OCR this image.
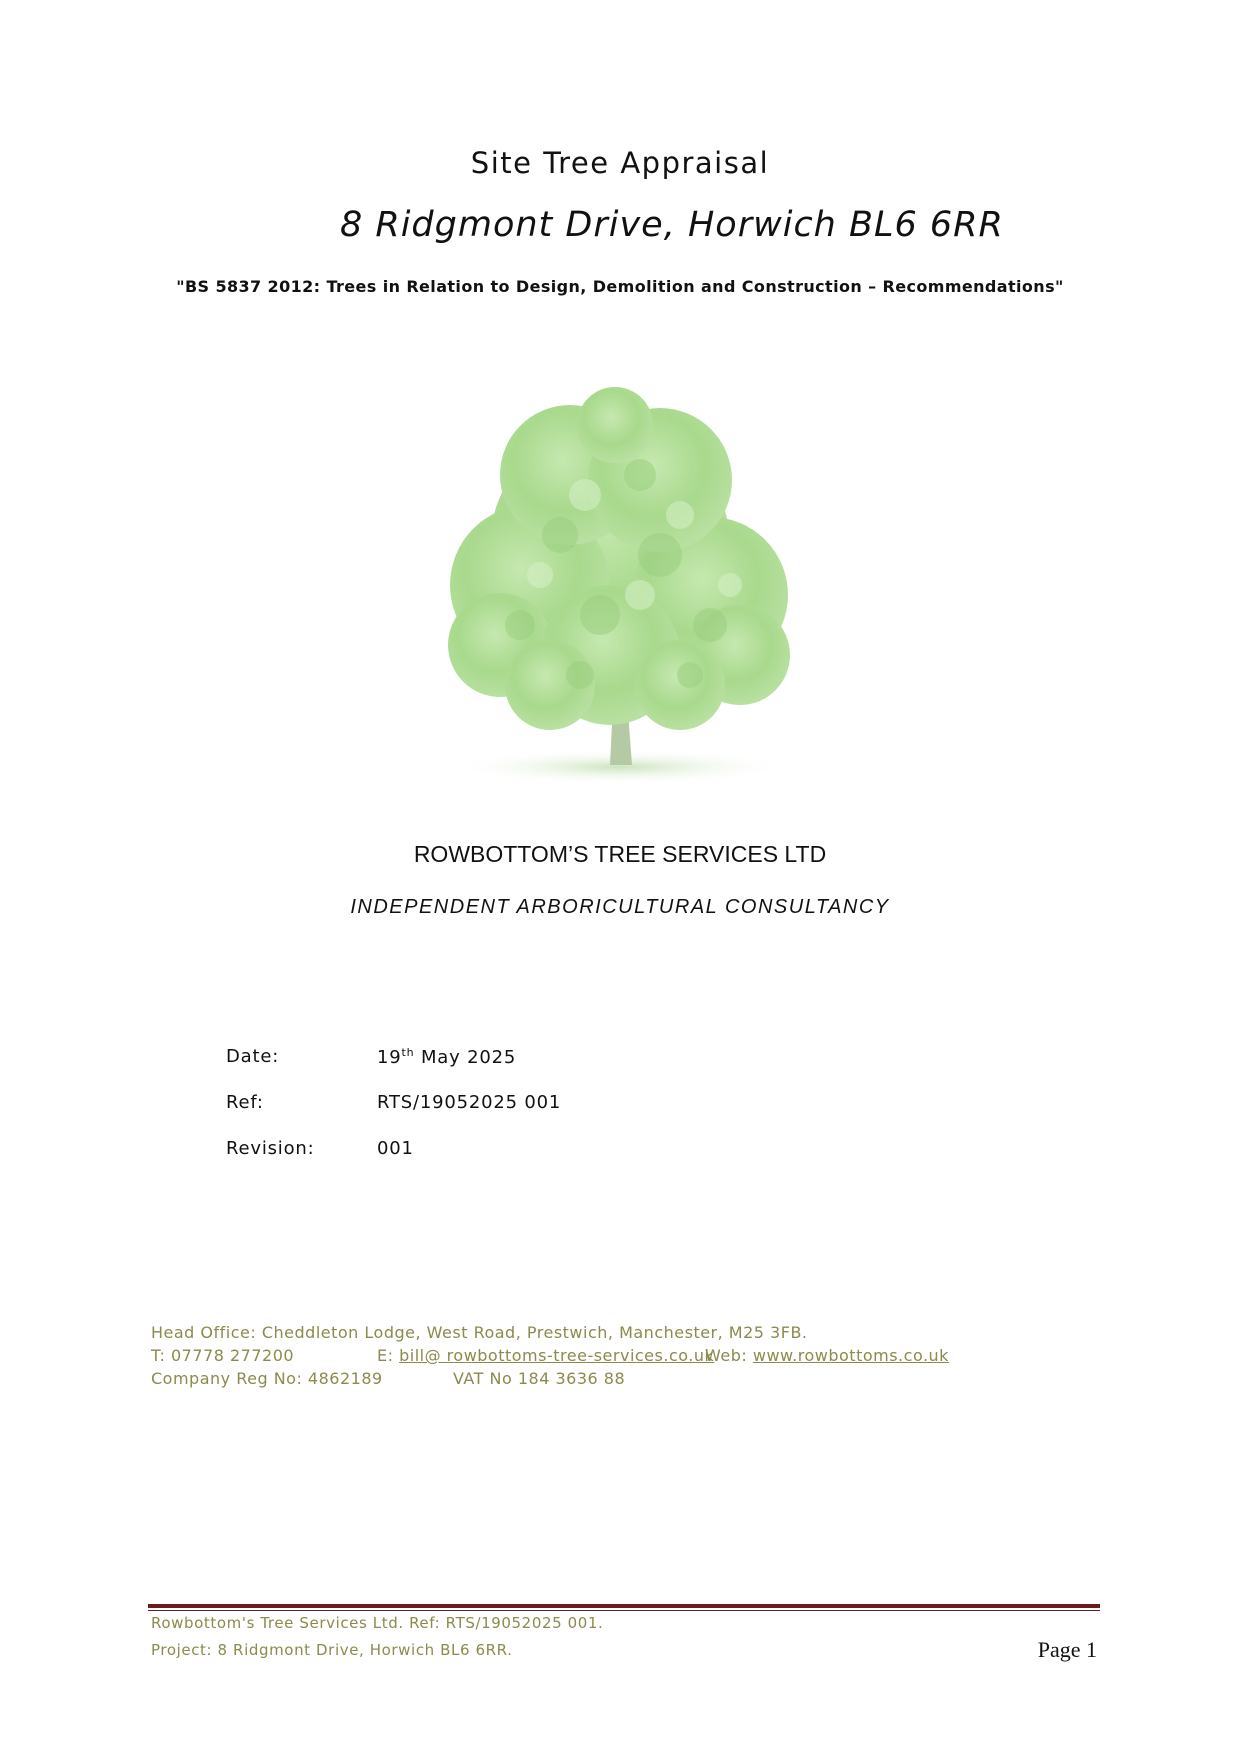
Site Tree Appraisal
8 Ridgmont Drive, Horwich BL6 6RR
"BS 5837 2012: Trees in Relation to Design, Demolition and Construction – Recommendations"
ROWBOTTOM’S TREE SERVICES LTD
INDEPENDENT ARBORICULTURAL CONSULTANCY
Date:	19th May 2025
Ref:	RTS/19052025 001
Revision:	001
Head Office: Cheddleton Lodge, West Road, Prestwich, Manchester, M25 3FB.
T: 07778 277200	E: bill@ rowbottoms-tree-services.co.uk
Web: www.rowbottoms.co.uk
Company Reg No: 4862189	VAT No 184 3636 88
Rowbottom's Tree Services Ltd. Ref: RTS/19052025 001.
Project: 8 Ridgmont Drive, Horwich BL6 6RR.	Page 1
